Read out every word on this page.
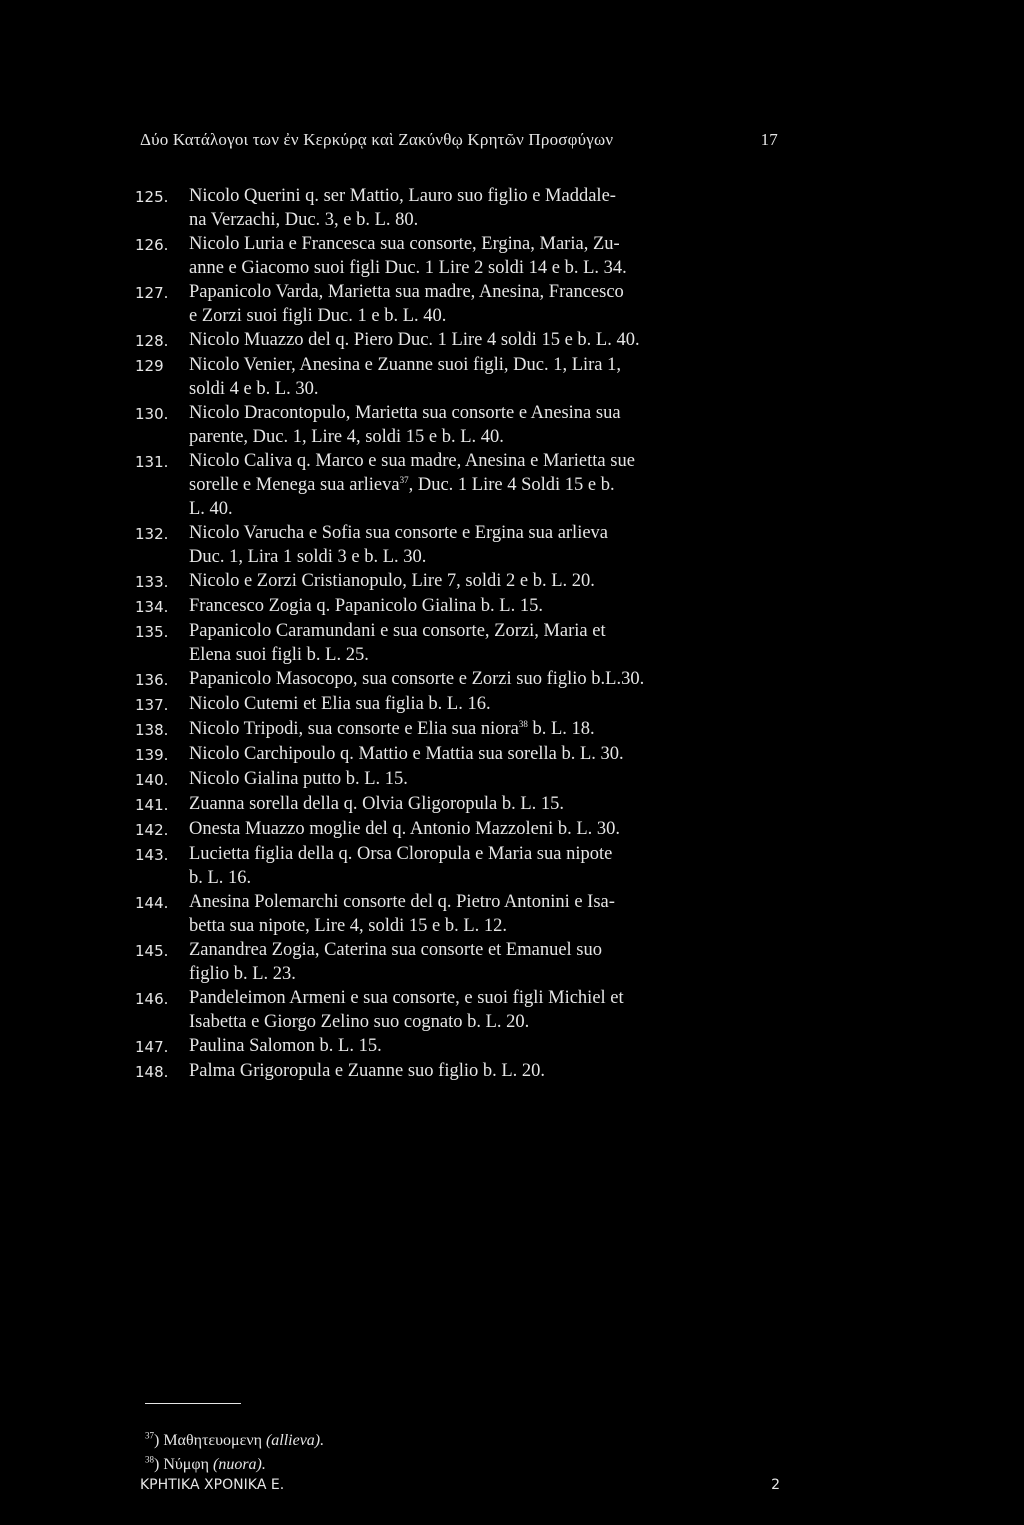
Δύο Κατάλογοι των ἐν Κερκύρᾳ καὶ Ζακύνθῳ Κρητῶν Προσφύγων	17
125.	Nicolo Querini q. ser Mattio, Lauro suo figlio e Maddale-
na Verzachi, Duc. 3, e b. L. 80.
126.	Nicolo Luria e Francesca sua consorte, Ergina, Maria, Zu-
anne e Giacomo suoi figli Duc. 1 Lire 2 soldi 14 e b. L. 34.
127.	Papanicolo Varda, Marietta sua madre, Anesina, Francesco
e Zorzi suoi figli Duc. 1 e b. L. 40.
128.	Nicolo Muazzo del q. Piero Duc. 1 Lire 4 soldi 15 e b. L. 40.
129	Nicolo Venier, Anesina e Zuanne suoi figli, Duc. 1, Lira 1,
soldi 4 e b. L. 30.
130.	Nicolo Dracontopulo, Marietta sua consorte e Anesina sua
parente, Duc. 1, Lire 4, soldi 15 e b. L. 40.
131.	Nicolo Caliva q. Marco e sua madre, Anesina e Marietta sue
sorelle e Menega sua arlieva$^{37}$, Duc. 1 Lire 4 Soldi 15 e b.
L. 40.
132.	Nicolo Varucha e Sofia sua consorte e Ergina sua arlieva
Duc. 1, Lira 1 soldi 3 e b. L. 30.
133.	Nicolo e Zorzi Cristianopulo, Lire 7, soldi 2 e b. L. 20.
134.	Francesco Zogia q. Papanicolo Gialina b. L. 15.
135.	Papanicolo Caramundani e sua consorte, Zorzi, Maria et
Elena suoi figli b. L. 25.
136.	Papanicolo Masocopo, sua consorte e Zorzi suo figlio b.L.30.
137.	Nicolo Cutemi et Elia sua figlia b. L. 16.
138.	Nicolo Tripodi, sua consorte e Elia sua niora$^{38}$ b. L. 18.
139.	Nicolo Carchipoulo q. Mattio e Mattia sua sorella b. L. 30.
140.	Nicolo Gialina putto b. L. 15.
141.	Zuanna sorella della q. Olvia Gligoropula b. L. 15.
142.	Onesta Muazzo moglie del q. Antonio Mazzoleni b. L. 30.
143.	Lucietta figlia della q. Orsa Cloropula e Maria sua nipote
b. L. 16.
144.	Anesina Polemarchi consorte del q. Pietro Antonini e Isa-
betta sua nipote, Lire 4, soldi 15 e b. L. 12.
145.	Zanandrea Zogia, Caterina sua consorte et Emanuel suo
figlio b. L. 23.
146.	Pandeleimon Armeni e sua consorte, e suoi figli Michiel et
Isabetta e Giorgo Zelino suo cognato b. L. 20.
147.	Paulina Salomon b. L. 15.
148.	Palma Grigoropula e Zuanne suo figlio b. L. 20.
$^{37}$) Μαθητευομενη (allieva).
$^{38}$) Νύμφη (nuora).
ΚΡΗΤΙΚΑ ΧΡΟΝΙΚΑ Ε.	2
